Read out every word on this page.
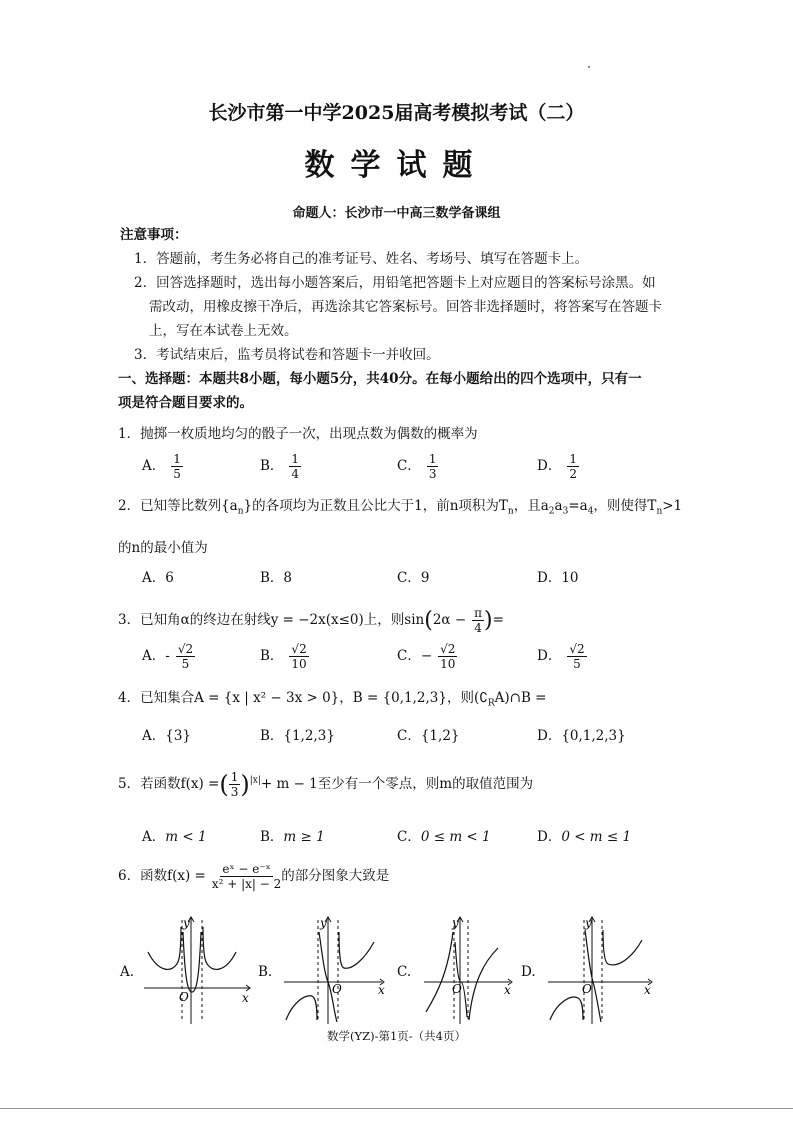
长沙市第一中学2025届高考模拟考试（二）
数学试题
命题人：长沙市一中高三数学备课组
注意事项：
1．答题前，考生务必将自己的准考证号、姓名、考场号、填写在答题卡上。
2．回答选择题时，选出每小题答案后，用铅笔把答题卡上对应题目的答案标号涂黑。如
需改动，用橡皮擦干净后，再选涂其它答案标号。回答非选择题时，将答案写在答题卡
上，写在本试卷上无效。
3．考试结束后，监考员将试卷和答题卡一并收回。
一、选择题：本题共8小题，每小题5分，共40分。在每小题给出的四个选项中，只有一
项是符合题目要求的。
1．抛掷一枚质地均匀的骰子一次，出现点数为偶数的概率为
A． $\frac{1}{5}$	B． $\frac{1}{4}$	C． $\frac{1}{3}$	D． $\frac{1}{2}$
2．已知等比数列$\{a_n\}$的各项均为正数且公比大于1，前n项积为$T_n$，且$a_2a_3=a_4$，则使得$T_n>1$
的n的最小值为
A．6	B．8	C．9	D．10
3．已知角α的终边在射线y = −2x(x≤0)上，则$\sin(2\alpha - \frac{\pi}{4}$ )=
A．- $\frac{√2}{5}$	B． $\frac{√2}{10}$	C．− $\frac{√2}{10}$	D． $\frac{√2}{5}$
4．已知集合A = {x | x² − 3x > 0}，B = {0,1,2,3}，则$(∁_RA)\cap B$ =
A．{3}	B．{1,2,3}	C．{1,2}	D．{0,1,2,3}
5．若函数f(x) =( $\frac{1}{3} )^{|x|}+ m - 1$至少有一个零点，则m的取值范围为
A．m < 1	B．m ≥ 1	C．0 ≤ m < 1	D．0 < m ≤ 1
6．函数$f(x) = \frac{\text{eˣ − e⁻ˣ}}{\text{x² + |x| − 2}}$ 的部分图象大致是
A.	B.	C.	D.
y
x
O
y
x
O
y
x
O
y
x
O
数学(YZ)-第1页-（共4页）
